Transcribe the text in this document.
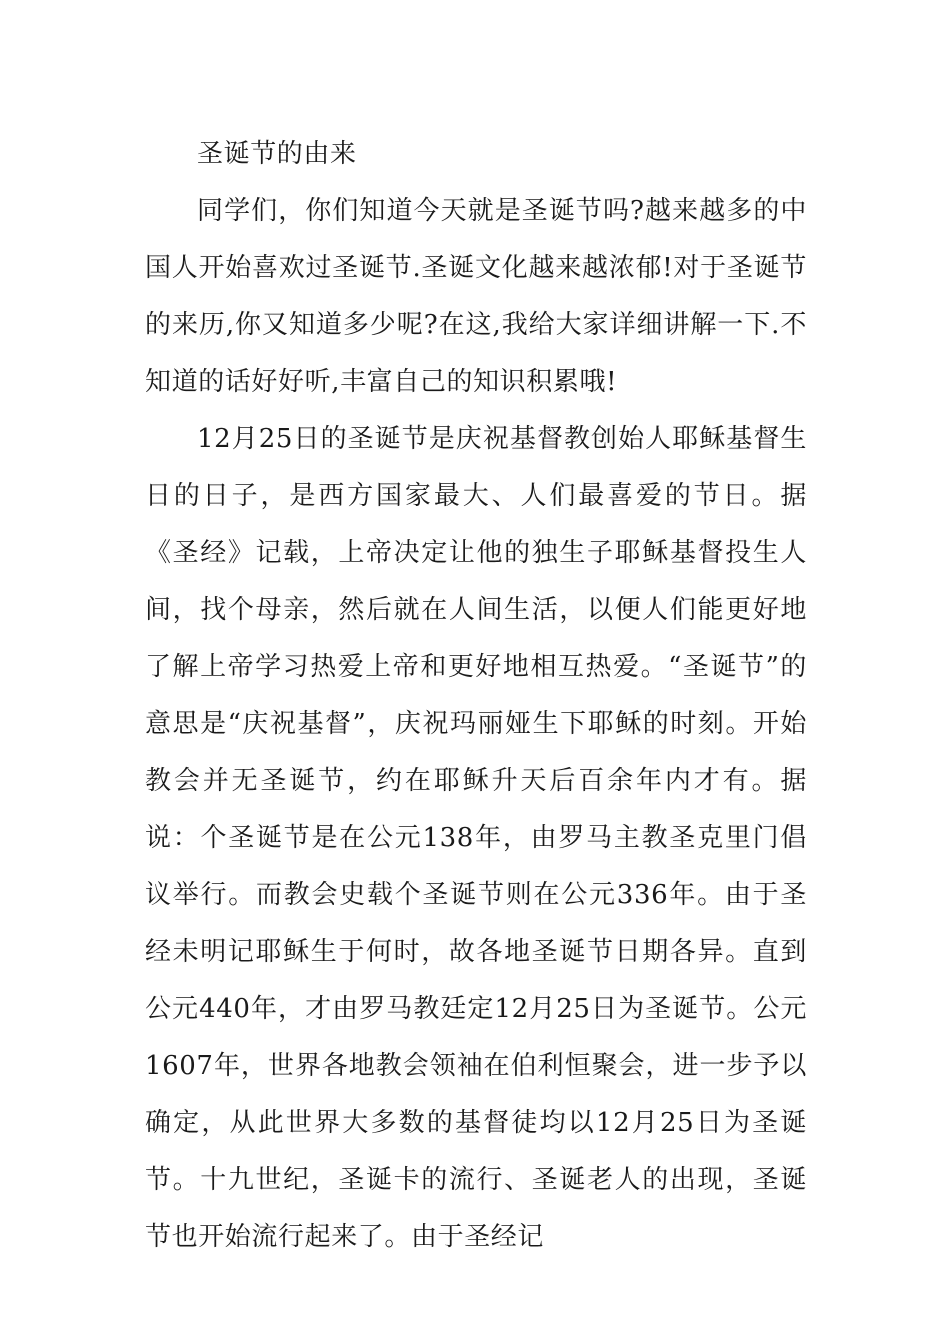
圣诞节的由来

同学们，你们知道今天就是圣诞节吗?越来越多的中国人开始喜欢过圣诞节.圣诞文化越来越浓郁!对于圣诞节的来历,你又知道多少呢?在这,我给大家详细讲解一下.不知道的话好好听,丰富自己的知识积累哦!

12月25日的圣诞节是庆祝基督教创始人耶稣基督生日的日子，是西方国家最大、人们最喜爱的节日。据《圣经》记载，上帝决定让他的独生子耶稣基督投生人间，找个母亲，然后就在人间生活，以便人们能更好地了解上帝学习热爱上帝和更好地相互热爱。“圣诞节”的意思是“庆祝基督”，庆祝玛丽娅生下耶稣的时刻。开始教会并无圣诞节，约在耶稣升天后百余年内才有。据说：个圣诞节是在公元138年，由罗马主教圣克里门倡议举行。而教会史载个圣诞节则在公元336年。由于圣经未明记耶稣生于何时，故各地圣诞节日期各异。直到公元440年，才由罗马教廷定12月25日为圣诞节。公元1607年，世界各地教会领袖在伯利恒聚会，进一步予以确定，从此世界大多数的基督徒均以12月25日为圣诞节。十九世纪，圣诞卡的流行、圣诞老人的出现，圣诞节也开始流行起来了。由于圣经记
